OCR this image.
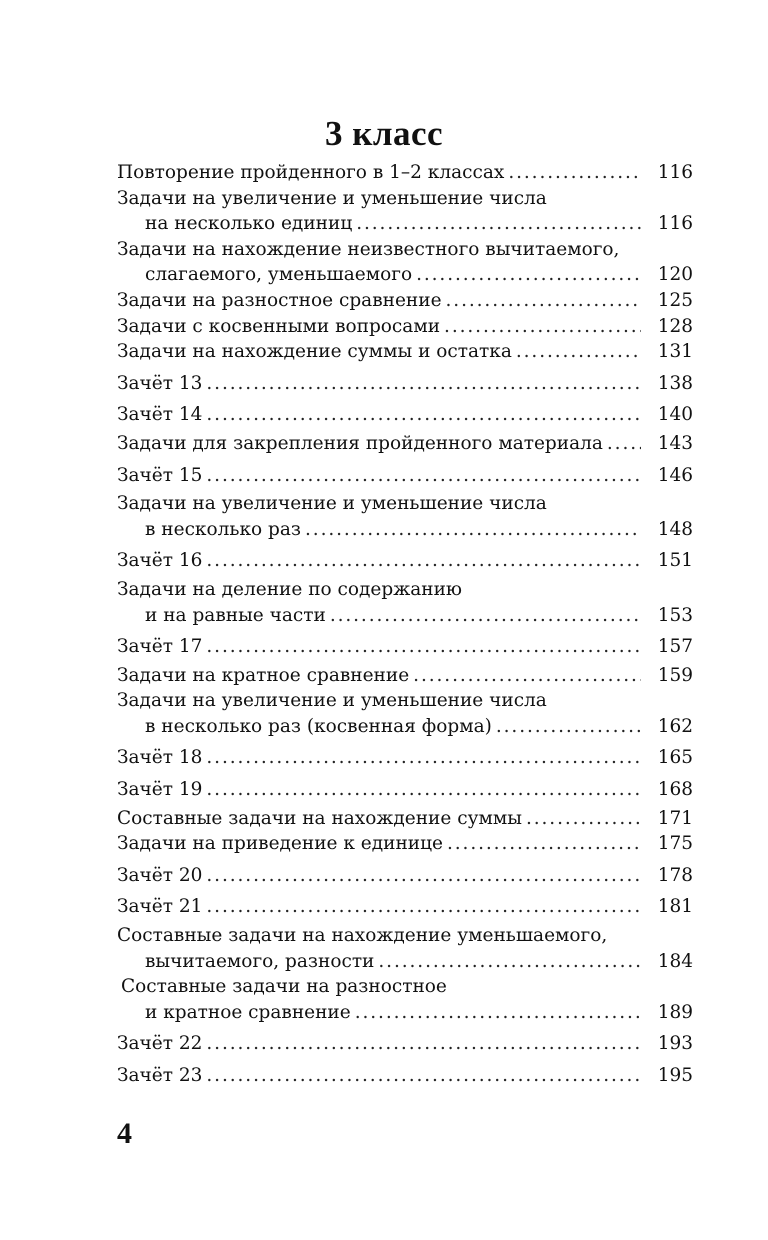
3 класс
Повторение пройденного в 1–2 классах .....	116
Задачи на увеличение и уменьшение числа
на несколько единиц .....	116
Задачи на нахождение неизвестного вычитаемого,
слагаемого, уменьшаемого .....	120
Задачи на разностное сравнение .....	125
Задачи с косвенными вопросами .....	128
Задачи на нахождение суммы и остатка .....	131
Зачёт 13 .....	138
Зачёт 14 .....	140
Задачи для закрепления пройденного материала .....	143
Зачёт 15 .....	146
Задачи на увеличение и уменьшение числа
в несколько раз .....	148
Зачёт 16 .....	151
Задачи на деление по содержанию
и на равные части .....	153
Зачёт 17 .....	157
Задачи на кратное сравнение .....	159
Задачи на увеличение и уменьшение числа
в несколько раз (косвенная форма) .....	162
Зачёт 18 .....	165
Зачёт 19 .....	168
Составные задачи на нахождение суммы .....	171
Задачи на приведение к единице .....	175
Зачёт 20 .....	178
Зачёт 21 .....	181
Составные задачи на нахождение уменьшаемого,
вычитаемого, разности .....	184
Составные задачи на разностное
и кратное сравнение .....	189
Зачёт 22 .....	193
Зачёт 23 .....	195
4
